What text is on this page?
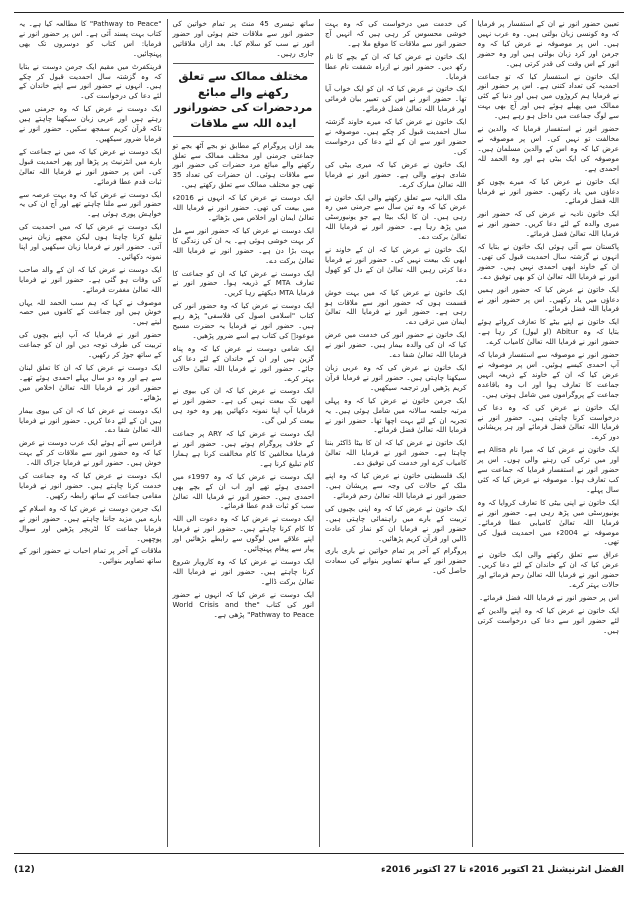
تعیین حضور انور نے ان کے استفسار پر فرمایا کہ وہ کونسی زبان بولتی ہیں۔ وہ عرب نہیں ہیں۔ اس پر موصوفہ نے عرض کیا کہ وہ جرمن اور کرد زبان بولتی ہیں اور وہ حضور انور کے اس وقت کی قدر کرتی ہیں۔

ایک خاتون نے استفسار کیا کہ تو جماعت احمدیہ کی تعداد کتنی ہے۔ اس پر حضور انور نے فرمایا ہم کروڑوں میں ہیں اور دنیا کے کئی ممالک میں پھیلے ہوئے ہیں اور آج بھی بہت سے لوگ جماعت میں داخل ہو رہے ہیں۔

حضور انور نے استفسار فرمایا کہ والدین نے مخالفت تو نہیں کی۔ اس پر موصوفہ نے عرض کیا کہ وہ اس کے والدین مسلمان ہیں۔ موصوفہ کی ایک بیٹی ہے اور وہ الحمد للہ احمدی ہے۔

ایک خاتون نے عرض کیا کہ میرے بچوں کو دعاؤں میں یاد رکھیں۔ حضور انور نے فرمایا اللہ فضل فرمائے۔

ایک خاتون نادیہ نے عرض کی کہ حضور انور میری والدہ کے لئے دعا کریں۔ حضور انور نے فرمایا اللہ تعالیٰ فضل فرمائے۔

پاکستان سے آئی ہوئی ایک خاتون نے بتایا کہ انہوں نے گزشتہ سال احمدیت قبول کی تھی۔ ان کے خاوند ابھی احمدی نہیں ہیں۔ حضور انور نے فرمایا اللہ تعالیٰ ان کو بھی توفیق دے۔

ایک خاتون نے عرض کیا کہ حضور انور ہمیں دعاؤں میں یاد رکھیں۔ اس پر حضور انور نے فرمایا اللہ فضل فرمائے۔

ایک خاتون نے اپنے بیٹے کا تعارف کرواتے ہوئے بتایا کہ وہ Abitur (او لیول) کر رہا ہے۔ حضور انور نے فرمایا اللہ تعالیٰ کامیاب کرے۔

حضور انور نے موصوفہ سے استفسار فرمایا کہ آپ احمدی کیسے ہوئیں۔ اس پر موصوفہ نے عرض کیا کہ ان کے خاوند کے ذریعہ انہیں جماعت کا تعارف ہوا اور اب وہ باقاعدہ جماعت کے پروگراموں میں شامل ہوتی ہیں۔

ایک خاتون نے عرض کی کہ وہ دعا کی درخواست کرنا چاہتی ہیں۔ حضور انور نے فرمایا اللہ تعالیٰ فضل فرمائے اور ہر پریشانی دور کرے۔

ایک خاتون نے عرض کیا کہ میرا نام Alisa ہے اور میں ترکی کی رہنے والی ہوں۔ اس پر حضور انور نے استفسار فرمایا کہ جماعت سے کب تعارف ہوا۔ موصوفہ نے عرض کیا کہ کئی سال پہلے۔

ایک خاتون نے اپنی بیٹی کا تعارف کروایا کہ وہ یونیورسٹی میں پڑھ رہی ہے۔ حضور انور نے فرمایا اللہ تعالیٰ کامیابی عطا فرمائے۔ موصوفہ نے 2004ء میں احمدیت قبول کی تھی۔

عراق سے تعلق رکھنے والی ایک خاتون نے عرض کیا کہ ان کے خاندان کے لئے دعا کریں۔ حضور انور نے فرمایا اللہ تعالیٰ رحم فرمائے اور حالات بہتر کرے۔

اس پر حضور انور نے فرمایا اللہ فضل فرمائے۔

ایک خاتون نے عرض کیا کہ وہ اپنے والدین کے لئے حضور انور سے دعا کی درخواست کرتی ہیں۔

کی خدمت میں درخواست کی کہ وہ بہت خوشی محسوس کر رہی ہیں کہ انہیں آج حضور انور سے ملاقات کا موقع ملا ہے۔

ایک خاتون نے عرض کیا کہ ان کے بچے کا نام رکھ دیں۔ حضور انور نے ازراہ شفقت نام عطا فرمایا۔

ایک خاتون نے عرض کیا کہ ان کو ایک خواب آیا تھا۔ حضور انور نے اس کی تعبیر بیان فرمائی اور فرمایا اللہ تعالیٰ فضل فرمائے۔

ایک خاتون نے عرض کیا کہ میرے خاوند گزشتہ سال احمدیت قبول کر چکے ہیں۔ موصوفہ نے حضور انور سے ان کے لئے دعا کی درخواست کی۔

ایک خاتون نے عرض کیا کہ میری بیٹی کی شادی ہونے والی ہے۔ حضور انور نے فرمایا اللہ تعالیٰ مبارک کرے۔

ملک البانیہ سے تعلق رکھنے والی ایک خاتون نے عرض کیا کہ وہ تین سال سے جرمنی میں رہ رہی ہیں۔ ان کا ایک بیٹا ہے جو یونیورسٹی میں پڑھ رہا ہے۔ حضور انور نے فرمایا اللہ تعالیٰ برکت دے۔

ایک خاتون نے عرض کیا کہ ان کے خاوند نے ابھی تک بیعت نہیں کی۔ حضور انور نے فرمایا دعا کرتی رہیں اللہ تعالیٰ ان کے دل کو کھول دے۔

ایک خاتون نے عرض کیا کہ میں بہت خوش قسمت ہوں کہ حضور انور سے ملاقات ہو رہی ہے۔ حضور انور نے فرمایا اللہ تعالیٰ ایمان میں ترقی دے۔

ایک خاتون نے حضور انور کی خدمت میں عرض کیا کہ ان کی والدہ بیمار ہیں۔ حضور انور نے فرمایا اللہ تعالیٰ شفا دے۔

ایک خاتون نے عرض کی کہ وہ عربی زبان سیکھنا چاہتی ہیں۔ حضور انور نے فرمایا قرآن کریم پڑھیں اور ترجمہ سیکھیں۔

ایک جرمن خاتون نے عرض کیا کہ وہ پہلی مرتبہ جلسہ سالانہ میں شامل ہوئی ہیں۔ یہ تجربہ ان کے لئے بہت اچھا تھا۔ حضور انور نے فرمایا اللہ تعالیٰ فضل فرمائے۔

ایک خاتون نے عرض کیا کہ ان کا بیٹا ڈاکٹر بننا چاہتا ہے۔ حضور انور نے فرمایا اللہ تعالیٰ کامیاب کرے اور خدمت کی توفیق دے۔

ایک فلسطینی خاتون نے عرض کیا کہ وہ اپنے ملک کے حالات کی وجہ سے پریشان ہیں۔ حضور انور نے فرمایا اللہ تعالیٰ رحم فرمائے۔

ایک خاتون نے عرض کیا کہ وہ اپنی بچیوں کی تربیت کے بارے میں راہنمائی چاہتی ہیں۔ حضور انور نے فرمایا ان کو نماز کی عادت ڈالیں اور قرآن کریم پڑھائیں۔

پروگرام کے آخر پر تمام خواتین نے باری باری حضور انور کے ساتھ تصاویر بنوانے کی سعادت حاصل کی۔

ساتھ تیسری 45 منٹ پر تمام خواتین کی حضور انور سے ملاقات ختم ہوئی اور حضور انور نے سب کو سلام کیا۔ بعد ازاں ملاقاتیں جاری رہیں۔

مختلف ممالک سے تعلق رکھنے والے مبائع
مردحضرات کی حضورانور ایدہ اللہ سے ملاقات

بعد ازاں پروگرام کے مطابق نو بجے آٹھ بجے تو جماعتی جرمنی اور مختلف ممالک سے تعلق رکھنے والے مبائع مرد حضرات کی حضور انور سے ملاقات ہوئی۔ ان حضرات کی تعداد 35 تھی جو مختلف ممالک سے تعلق رکھتے ہیں۔

ایک دوست نے عرض کیا کہ انہوں نے 2016ء میں بیعت کی تھی۔ حضور انور نے فرمایا اللہ تعالیٰ ایمان اور اخلاص میں بڑھائے۔

ایک دوست نے عرض کیا کہ حضور انور سے مل کر بہت خوشی ہوئی ہے۔ یہ ان کی زندگی کا بہت بڑا دن ہے۔ حضور انور نے فرمایا اللہ تعالیٰ برکت دے۔

ایک دوست نے عرض کیا کہ ان کو جماعت کا تعارف MTA کے ذریعہ ہوا۔ حضور انور نے فرمایا MTA دیکھتے رہا کریں۔

ایک دوست نے عرض کیا کہ وہ حضور انور کی کتاب "اسلامی اصول کی فلاسفی" پڑھ رہے ہیں۔ حضور انور نے فرمایا یہ حضرت مسیح موعودؑ کی کتاب ہے اسے ضرور پڑھیں۔

ایک شامی دوست نے عرض کیا کہ وہ پناہ گزین ہیں اور ان کے خاندان کے لئے دعا کی جائے۔ حضور انور نے فرمایا اللہ تعالیٰ حالات بہتر کرے۔

ایک دوست نے عرض کیا کہ ان کی بیوی نے ابھی تک بیعت نہیں کی ہے۔ حضور انور نے فرمایا آپ اپنا نمونہ دکھائیں پھر وہ خود ہی بیعت کر لیں گی۔

ایک دوست نے عرض کیا کہ ARY پر جماعت کے خلاف پروگرام ہوتے ہیں۔ حضور انور نے فرمایا مخالفین کا کام مخالفت کرنا ہے ہمارا کام تبلیغ کرنا ہے۔

ایک دوست نے عرض کیا کہ وہ 1997ء میں احمدی ہوئے تھے اور اب ان کے بچے بھی احمدی ہیں۔ حضور انور نے فرمایا اللہ تعالیٰ سب کو ثبات قدم عطا فرمائے۔

ایک دوست نے عرض کیا کہ وہ دعوت الی اللہ کا کام کرنا چاہتے ہیں۔ حضور انور نے فرمایا اپنے علاقے میں لوگوں سے رابطے بڑھائیں اور پیار سے پیغام پہنچائیں۔

ایک دوست نے عرض کیا کہ وہ کاروبار شروع کرنا چاہتے ہیں۔ حضور انور نے فرمایا اللہ تعالیٰ برکت ڈالے۔

ایک دوست نے عرض کیا کہ انہوں نے حضور انور کی کتاب "World Crisis and the Pathway to Peace" پڑھی ہے۔

"Pathway to Peace" کا مطالعہ کیا ہے۔ یہ کتاب بہت پسند آئی ہے۔ اس پر حضور انور نے فرمایا: اس کتاب کو دوسروں تک بھی پہنچائیں۔

فرینکفرٹ میں مقیم ایک جرمن دوست نے بتایا کہ وہ گزشتہ سال احمدیت قبول کر چکے ہیں۔ انہوں نے حضور انور سے اپنے خاندان کے لئے دعا کی درخواست کی۔

ایک دوست نے عرض کیا کہ وہ جرمنی میں رہتے ہیں اور عربی زبان سیکھنا چاہتے ہیں تاکہ قرآن کریم سمجھ سکیں۔ حضور انور نے فرمایا ضرور سیکھیں۔

ایک دوست نے عرض کیا کہ میں نے جماعت کے بارے میں انٹرنیٹ پر پڑھا اور پھر احمدیت قبول کی۔ اس پر حضور انور نے فرمایا اللہ تعالیٰ ثبات قدم عطا فرمائے۔

ایک دوست نے عرض کیا کہ وہ بہت عرصہ سے حضور انور سے ملنا چاہتے تھے اور آج ان کی یہ خواہش پوری ہوئی ہے۔

ایک دوست نے عرض کیا کہ میں احمدیت کی تبلیغ کرنا چاہتا ہوں لیکن مجھے زبان نہیں آتی۔ حضور انور نے فرمایا زبان سیکھیں اور اپنا نمونہ دکھائیں۔

ایک دوست نے عرض کیا کہ ان کے والد صاحب کی وفات ہو گئی ہے۔ حضور انور نے فرمایا اللہ تعالیٰ مغفرت فرمائے۔

موصوف نے کہا کہ ہم سب الحمد للہ یہاں خوش ہیں اور جماعت کے کاموں میں حصہ لیتے ہیں۔

حضور انور نے فرمایا کہ آپ اپنے بچوں کی تربیت کی طرف توجہ دیں اور ان کو جماعت کے ساتھ جوڑ کر رکھیں۔

ایک دوست نے عرض کیا کہ ان کا تعلق لبنان سے ہے اور وہ دو سال پہلے احمدی ہوئے تھے۔ حضور انور نے فرمایا اللہ تعالیٰ اخلاص میں بڑھائے۔

ایک دوست نے عرض کیا کہ ان کی بیوی بیمار ہیں ان کے لئے دعا کریں۔ حضور انور نے فرمایا اللہ تعالیٰ شفا دے۔

فرانس سے آئے ہوئے ایک عرب دوست نے عرض کیا کہ وہ حضور انور سے ملاقات کر کے بہت خوش ہیں۔ حضور انور نے فرمایا جزاک اللہ۔

ایک دوست نے عرض کیا کہ وہ جماعت کی خدمت کرنا چاہتے ہیں۔ حضور انور نے فرمایا مقامی جماعت کے ساتھ رابطہ رکھیں۔

ایک جرمن دوست نے عرض کیا کہ وہ اسلام کے بارے میں مزید جاننا چاہتے ہیں۔ حضور انور نے فرمایا جماعت کا لٹریچر پڑھیں اور سوال پوچھیں۔

ملاقات کے آخر پر تمام احباب نے حضور انور کے ساتھ تصاویر بنوائیں۔

(12)	الفضل انٹرنیشنل 21 اکتوبر 2016ء تا 27 اکتوبر 2016ء
